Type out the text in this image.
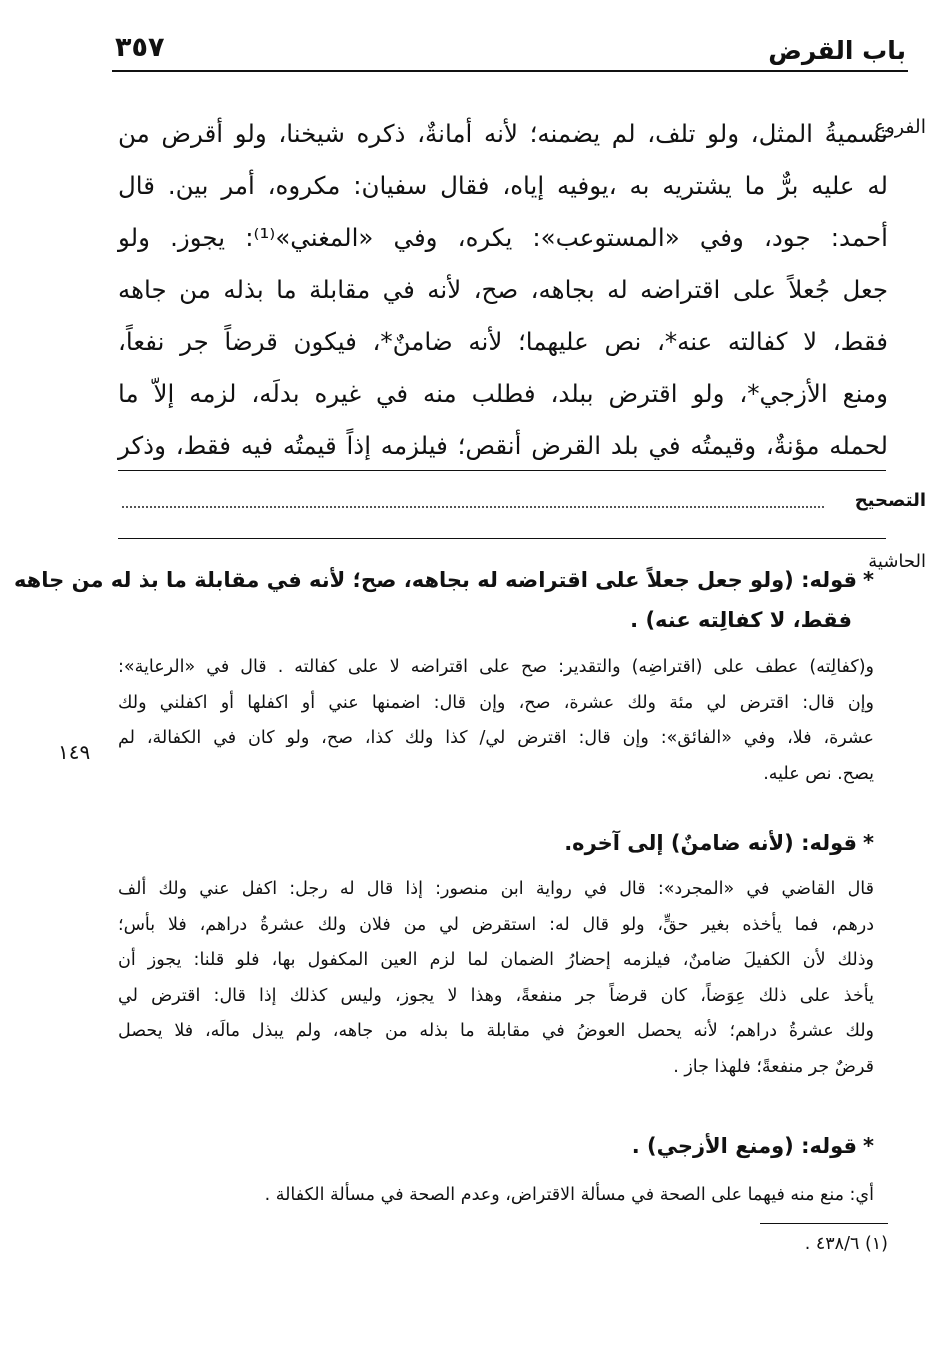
باب القرض
٣٥٧
الفروع
التصحيح
الحاشية
١٤٩
تسميةُ المثل، ولو تلف، لم يضمنه؛ لأنه أمانةٌ، ذكره شيخنا، ولو أقرض من
له عليه برٌّ ما يشتريه به ،يوفيه إياه، فقال سفيان: مكروه، أمر بين. قال
أحمد: جود، وفي «المستوعب»: يكره، وفي «المغني»⁽¹⁾: يجوز. ولو
جعل جُعلاً على اقتراضه له بجاهه، صح، لأنه في مقابلة ما بذله من جاهه
فقط، لا كفالته عنه*، نص عليهما؛ لأنه ضامنٌ*، فيكون قرضاً جر نفعاً،
ومنع الأزجي*، ولو اقترض ببلد، فطلب منه في غيره بدلَه، لزمه إلاّ ما
لحمله مؤنةٌ، وقيمتُه في بلد القرض أنقص؛ فيلزمه إذاً قيمتُه فيه فقط، وذكر
*قوله: (ولو جعل جعلاً على اقتراضه له بجاهه، صح؛ لأنه في مقابلة ما بذ له من جاهه
فقط، لا كفالِته عنه) .
و(كفالِته) عطف على (اقتراضِه) والتقدير: صح على اقتراضه لا على كفالته . قال في «الرعاية»:
وإن قال: اقترض لي مئة ولك عشرة، صح، وإن قال: اضمنها عني أو اكفلها أو اكفلني ولك
عشرة، فلا، وفي «الفائق»: وإن قال: اقترض لي/ كذا ولك كذا، صح، ولو كان في الكفالة، لم
يصح. نص عليه.
*قوله: (لأنه ضامنٌ) إلى آخره.
قال القاضي في «المجرد»: قال في رواية ابن منصور: إذا قال له رجل: اكفل عني ولك ألف
درهم، فما يأخذه بغير حقٍّ، ولو قال له: استقرض لي من فلان ولك عشرةُ دراهم، فلا بأس؛
وذلك لأن الكفيلَ ضامنٌ، فيلزمه إحضارُ الضمان لما لزم العين المكفول بها، فلو قلنا: يجوز أن
يأخذ على ذلك عِوَضاً، كان قرضاً جر منفعةً، وهذا لا يجوز، وليس كذلك إذا قال: اقترض لي
ولك عشرةُ دراهم؛ لأنه يحصل العوضُ في مقابلة ما بذله من جاهه، ولم يبذل مالَه، فلا يحصل
قرضٌ جر منفعةً؛ فلهذا جاز .
*قوله: (ومنع الأزجي) .
أي: منع منه فيهما على الصحة في مسألة الاقتراض، وعدم الصحة في مسألة الكفالة .
(١) ٤٣٨/٦ .
